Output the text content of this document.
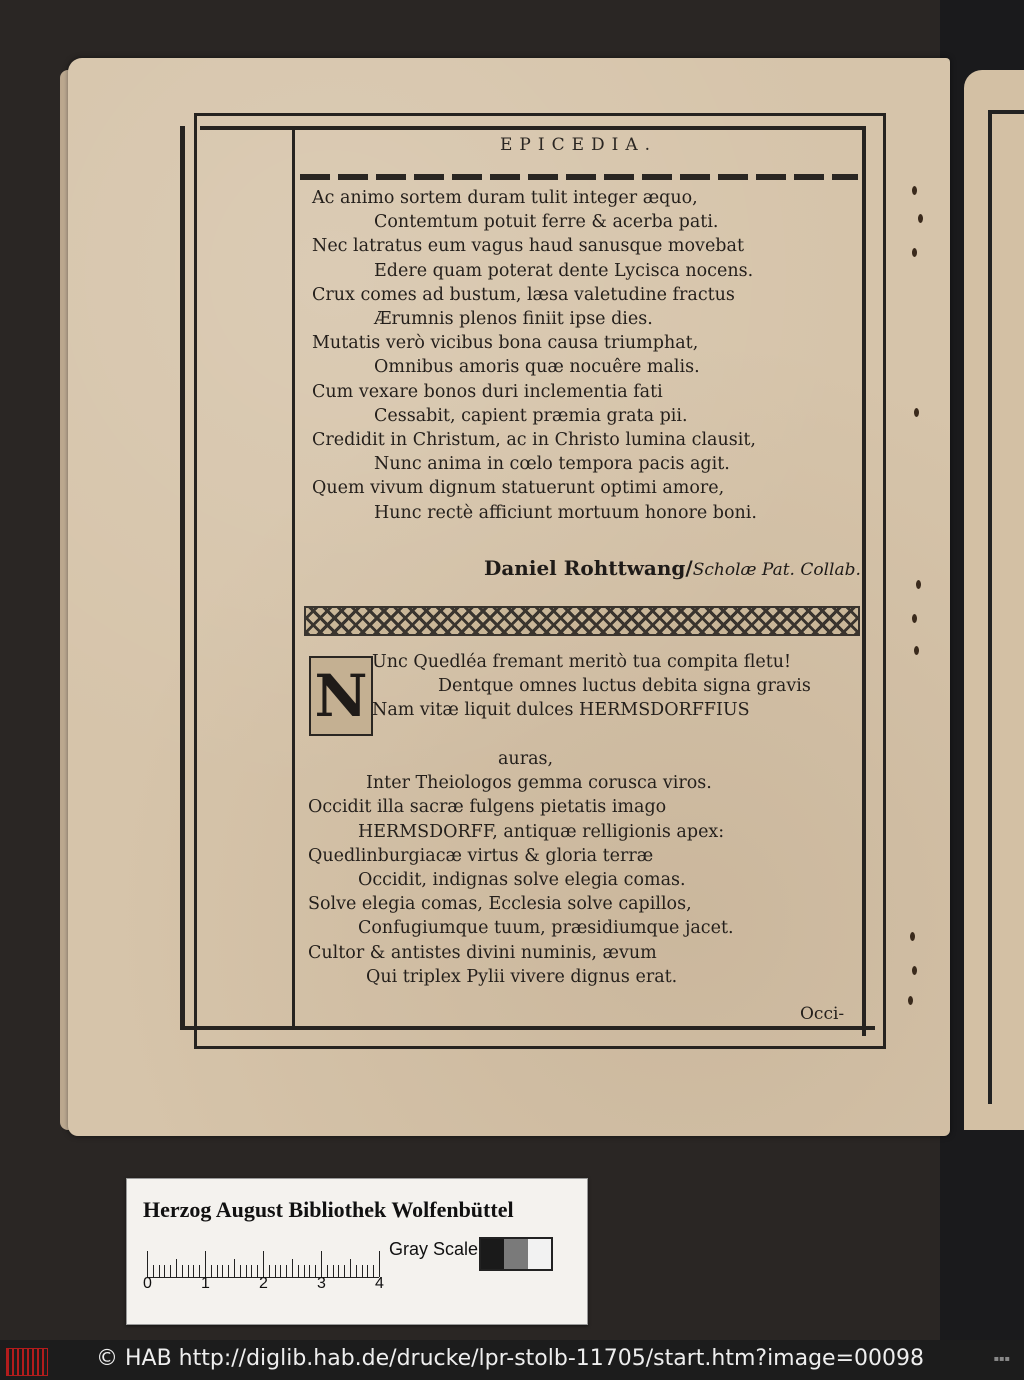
EPICEDIA.
Ac animo sortem duram tulit integer æquo,
Contemtum potuit ferre & acerba pati.
Nec latratus eum vagus haud sanusque movebat
Edere quam poterat dente Lycisca nocens.
Crux comes ad bustum, læsa valetudine fractus
Ærumnis plenos finiit ipse dies.
Mutatis verò vicibus bona causa triumphat,
Omnibus amoris quæ nocuêre malis.
Cum vexare bonos duri inclementia fati
Cessabit, capient præmia grata pii.
Credidit in Christum, ac in Christo lumina clausit,
Nunc anima in cœlo tempora pacis agit.
Quem vivum dignum statuerunt optimi amore,
Hunc rectè afficiunt mortuum honore boni.
Daniel Rohttwang/Scholæ Pat. Collab.
N Unc Quedléa fremant meritò tua compita fletu!
Dentque omnes luctus debita signa gravis
Nam vitæ liquit dulces HERMSDORFFIUS
auras,
Inter Theiologos gemma corusca viros.
Occidit illa sacræ fulgens pietatis imago
HERMSDORFF, antiquæ relligionis apex:
Quedlinburgiacæ virtus & gloria terræ
Occidit, indignas solve elegia comas.
Solve elegia comas, Ecclesia solve capillos,
Confugiumque tuum, præsidiumque jacet.
Cultor & antistes divini numinis, ævum
Qui triplex Pylii vivere dignus erat.
Occi-
Herzog August Bibliothek Wolfenbüttel
0	1	2	3	4
Gray Scale
© HAB http://diglib.hab.de/drucke/lpr-stolb-11705/start.htm?image=00098	▪▪▪
